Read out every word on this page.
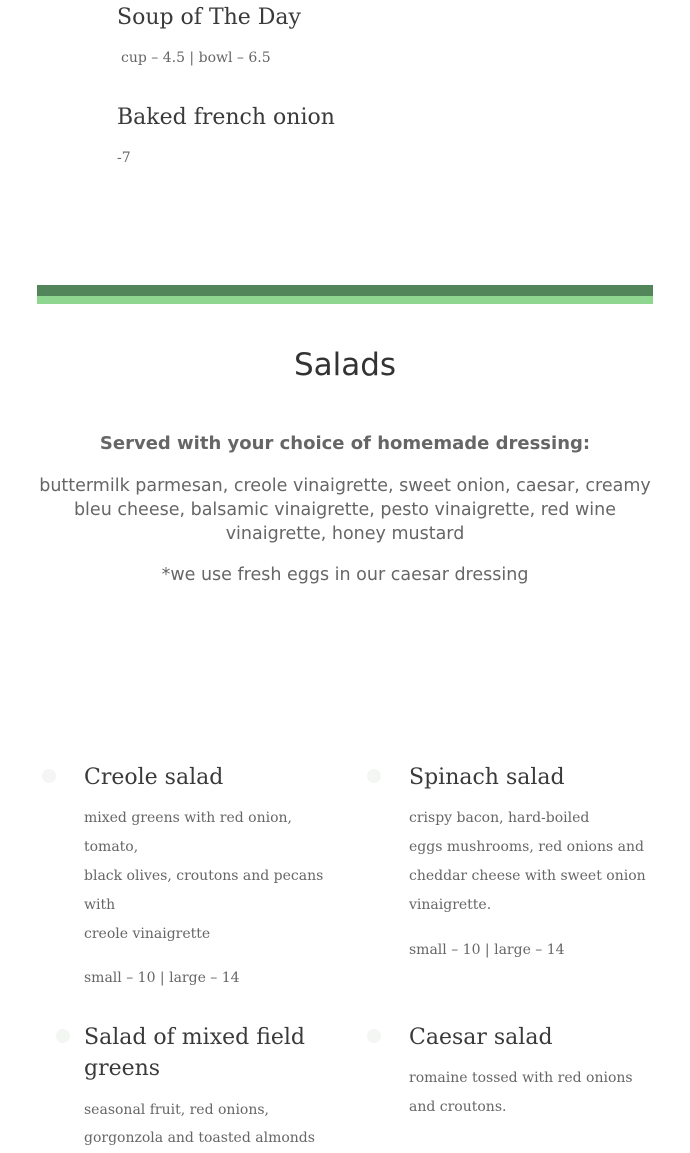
Soup of The Day

cup – 4.5 | bowl – 6.5

Baked french onion

-7

Salads

Served with your choice of homemade dressing:

buttermilk parmesan, creole vinaigrette, sweet onion, caesar, creamy bleu cheese, balsamic vinaigrette, pesto vinaigrette, red wine vinaigrette, honey mustard

*we use fresh eggs in our caesar dressing

Creole salad

mixed greens with red onion,

tomato,

black olives, croutons and pecans

with

creole vinaigrette

small – 10 | large – 14

Spinach salad

crispy bacon, hard-boiled

eggs mushrooms, red onions and

cheddar cheese with sweet onion

vinaigrette.

small – 10 | large – 14

Salad of mixed field
greens

seasonal fruit, red onions,

gorgonzola and toasted almonds

Caesar salad

romaine tossed with red onions

and croutons.
